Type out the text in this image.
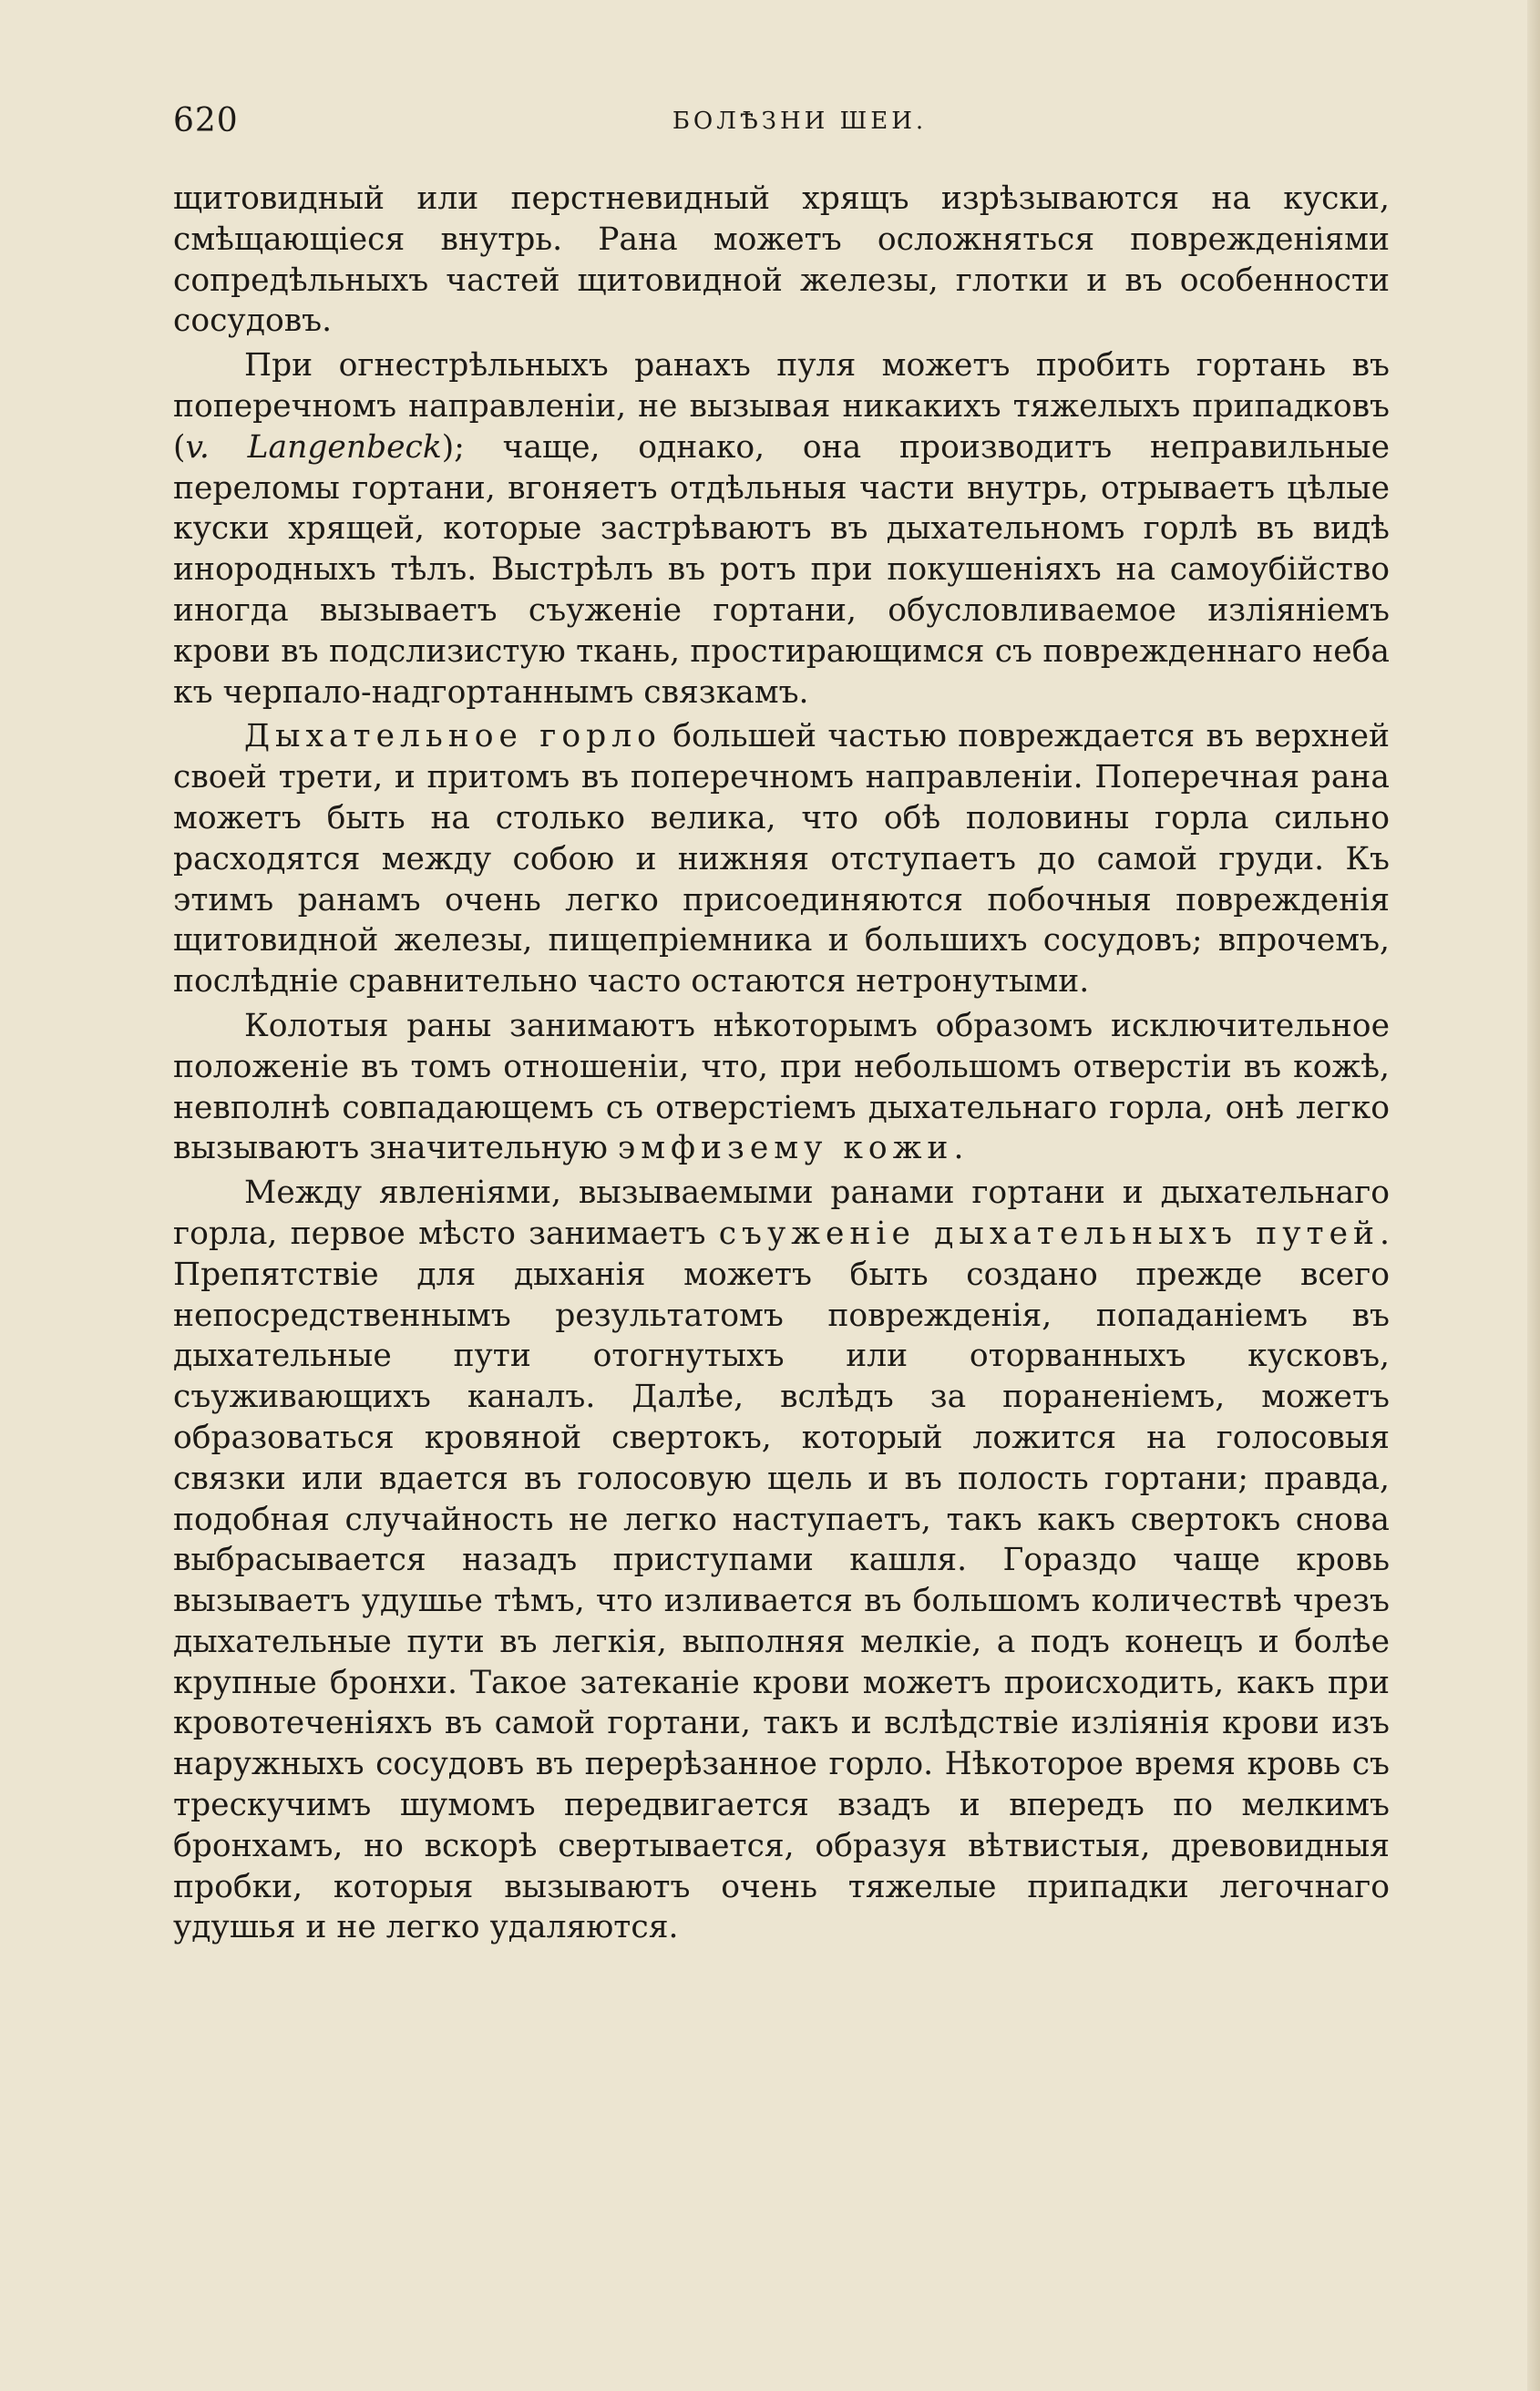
620	БОЛѢЗНИ ШЕИ.

щитовидный или перстневидный хрящъ изрѣзываются на куски, смѣщающіеся внутрь. Рана можетъ осложняться поврежденіями сопредѣльныхъ частей щитовидной железы, глотки и въ особенности сосудовъ.

При огнестрѣльныхъ ранахъ пуля можетъ пробить гортань въ поперечномъ направленіи, не вызывая никакихъ тяжелыхъ припадковъ (v. Langenbeck); чаще, однако, она производитъ неправильные переломы гортани, вгоняетъ отдѣльныя части внутрь, отрываетъ цѣлые куски хрящей, которые застрѣваютъ въ дыхательномъ горлѣ въ видѣ инородныхъ тѣлъ. Выстрѣлъ въ ротъ при покушеніяхъ на самоубійство иногда вызываетъ съуженіе гортани, обусловливаемое изліяніемъ крови въ подслизистую ткань, простирающимся съ поврежденнаго неба къ черпало-надгортаннымъ связкамъ.

Дыхательное горло большей частью повреждается въ верхней своей трети, и притомъ въ поперечномъ направленіи. Поперечная рана можетъ быть на столько велика, что обѣ половины горла сильно расходятся между собою и нижняя отступаетъ до самой груди. Къ этимъ ранамъ очень легко присоединяются побочныя поврежденія щитовидной железы, пищепріемника и большихъ сосудовъ; впрочемъ, послѣдніе сравнительно часто остаются нетронутыми.

Колотыя раны занимаютъ нѣкоторымъ образомъ исключительное положеніе въ томъ отношеніи, что, при небольшомъ отверстіи въ кожѣ, невполнѣ совпадающемъ съ отверстіемъ дыхательнаго горла, онѣ легко вызываютъ значительную эмфизему кожи.

Между явленіями, вызываемыми ранами гортани и дыхательнаго горла, первое мѣсто занимаетъ съуженіе дыхательныхъ путей. Препятствіе для дыханія можетъ быть создано прежде всего непосредственнымъ результатомъ поврежденія, попаданіемъ въ дыхательные пути отогнутыхъ или оторванныхъ кусковъ, съуживающихъ каналъ. Далѣе, вслѣдъ за пораненіемъ, можетъ образоваться кровяной свертокъ, который ложится на голосовыя связки или вдается въ голосовую щель и въ полость гортани; правда, подобная случайность не легко наступаетъ, такъ какъ свертокъ снова выбрасывается назадъ приступами кашля. Гораздо чаще кровь вызываетъ удушье тѣмъ, что изливается въ большомъ количествѣ чрезъ дыхательные пути въ легкія, выполняя мелкіе, а подъ конецъ и болѣе крупные бронхи. Такое затеканіе крови можетъ происходить, какъ при кровотеченіяхъ въ самой гортани, такъ и вслѣдствіе изліянія крови изъ наружныхъ сосудовъ въ перерѣзанное горло. Нѣкоторое время кровь съ трескучимъ шумомъ передвигается взадъ и впередъ по мелкимъ бронхамъ, но вскорѣ свертывается, образуя вѣтвистыя, древовидныя пробки, которыя вызываютъ очень тяжелые припадки легочнаго удушья и не легко удаляются.
